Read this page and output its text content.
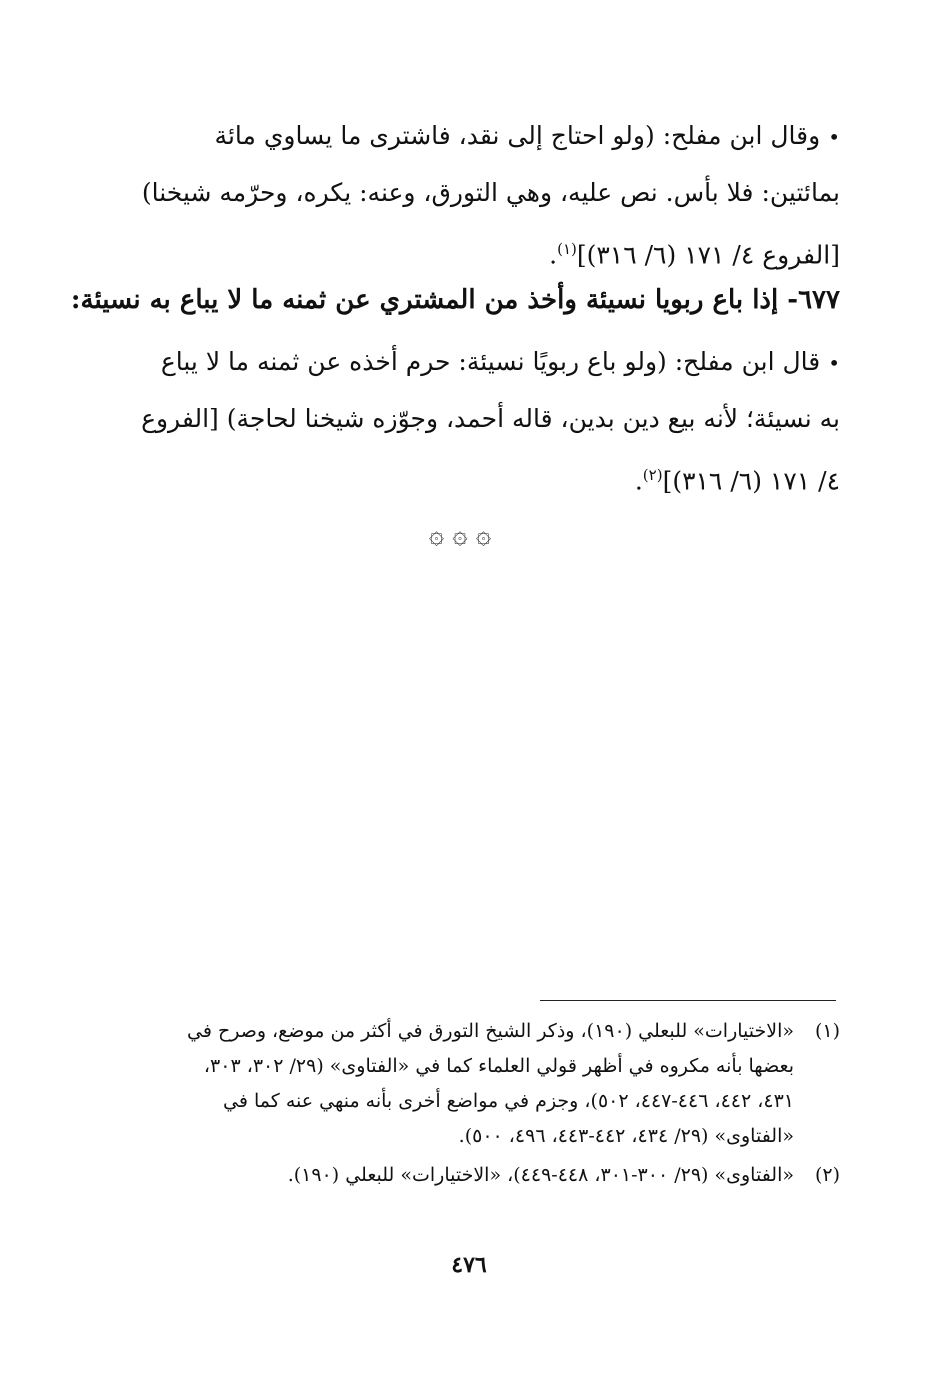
•وقال ابن مفلح: (ولو احتاج إلى نقد، فاشترى ما يساوي مائة
بمائتين: فلا بأس. نص عليه، وهي التورق، وعنه: يكره، وحرّمه شيخنا)
[الفروع ٤/ ١٧١ (٦/ ٣١٦)]$^{(١)}$.
٦٧٧- إذا باع ربويا نسيئة وأخذ من المشتري عن ثمنه ما لا يباع به نسيئة:
•قال ابن مفلح: (ولو باع ربويًا نسيئة: حرم أخذه عن ثمنه ما لا يباع
به نسيئة؛ لأنه بيع دين بدين، قاله أحمد، وجوّزه شيخنا لحاجة) [الفروع
٤/ ١٧١ (٦/ ٣١٦)]$^{(٢)}$.
۞ ۞ ۞
(١)«الاختيارات» للبعلي (١٩٠)، وذكر الشيخ التورق في أكثر من موضع، وصرح في
بعضها بأنه مكروه في أظهر قولي العلماء كما في «الفتاوى» (٢٩/ ٣٠٢، ٣٠٣،
٤٣١، ٤٤٢، ٤٤٦-٤٤٧، ٥٠٢)، وجزم في مواضع أخرى بأنه منهي عنه كما في
«الفتاوى» (٢٩/ ٤٣٤، ٤٤٢-٤٤٣، ٤٩٦، ٥٠٠).
(٢)«الفتاوى» (٢٩/ ٣٠٠-٣٠١، ٤٤٨-٤٤٩)، «الاختيارات» للبعلي (١٩٠).
٤٧٦
